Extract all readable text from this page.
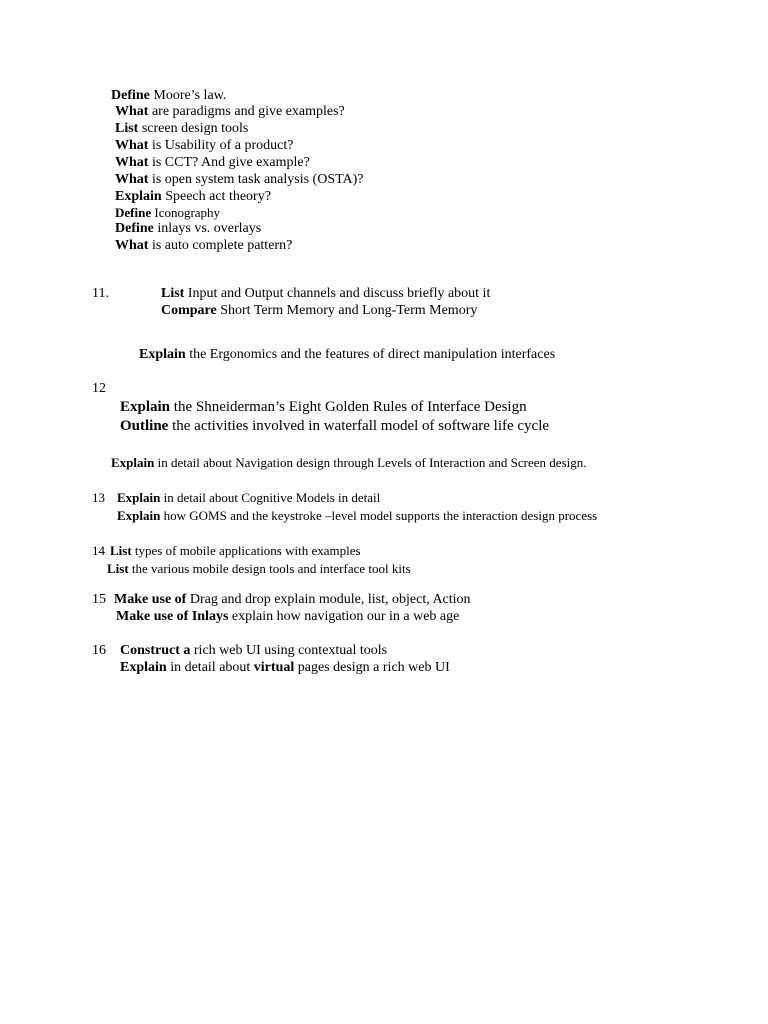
Define Moore’s law.
What are paradigms and give examples?
List screen design tools
What is Usability of a product?
What is CCT? And give example?
What is open system task analysis (OSTA)?
Explain Speech act theory?
Define Iconography
Define inlays vs. overlays
What is auto complete pattern?
11.	List Input and Output channels and discuss briefly about it
Compare Short Term Memory and Long-Term Memory
Explain the Ergonomics and the features of direct manipulation interfaces
12
Explain the Shneiderman’s Eight Golden Rules of Interface Design
Outline the activities involved in waterfall model of software life cycle
Explain in detail about Navigation design through Levels of Interaction and Screen design.
13 Explain in detail about Cognitive Models in detail
Explain how GOMS and the keystroke –level model supports the interaction design process
14 List types of mobile applications with examples
List the various mobile design tools and interface tool kits
15 Make use of Drag and drop explain module, list, object, Action
Make use of Inlays explain how navigation our in a web age
16 Construct a rich web UI using contextual tools
Explain in detail about virtual pages design a rich web UI
